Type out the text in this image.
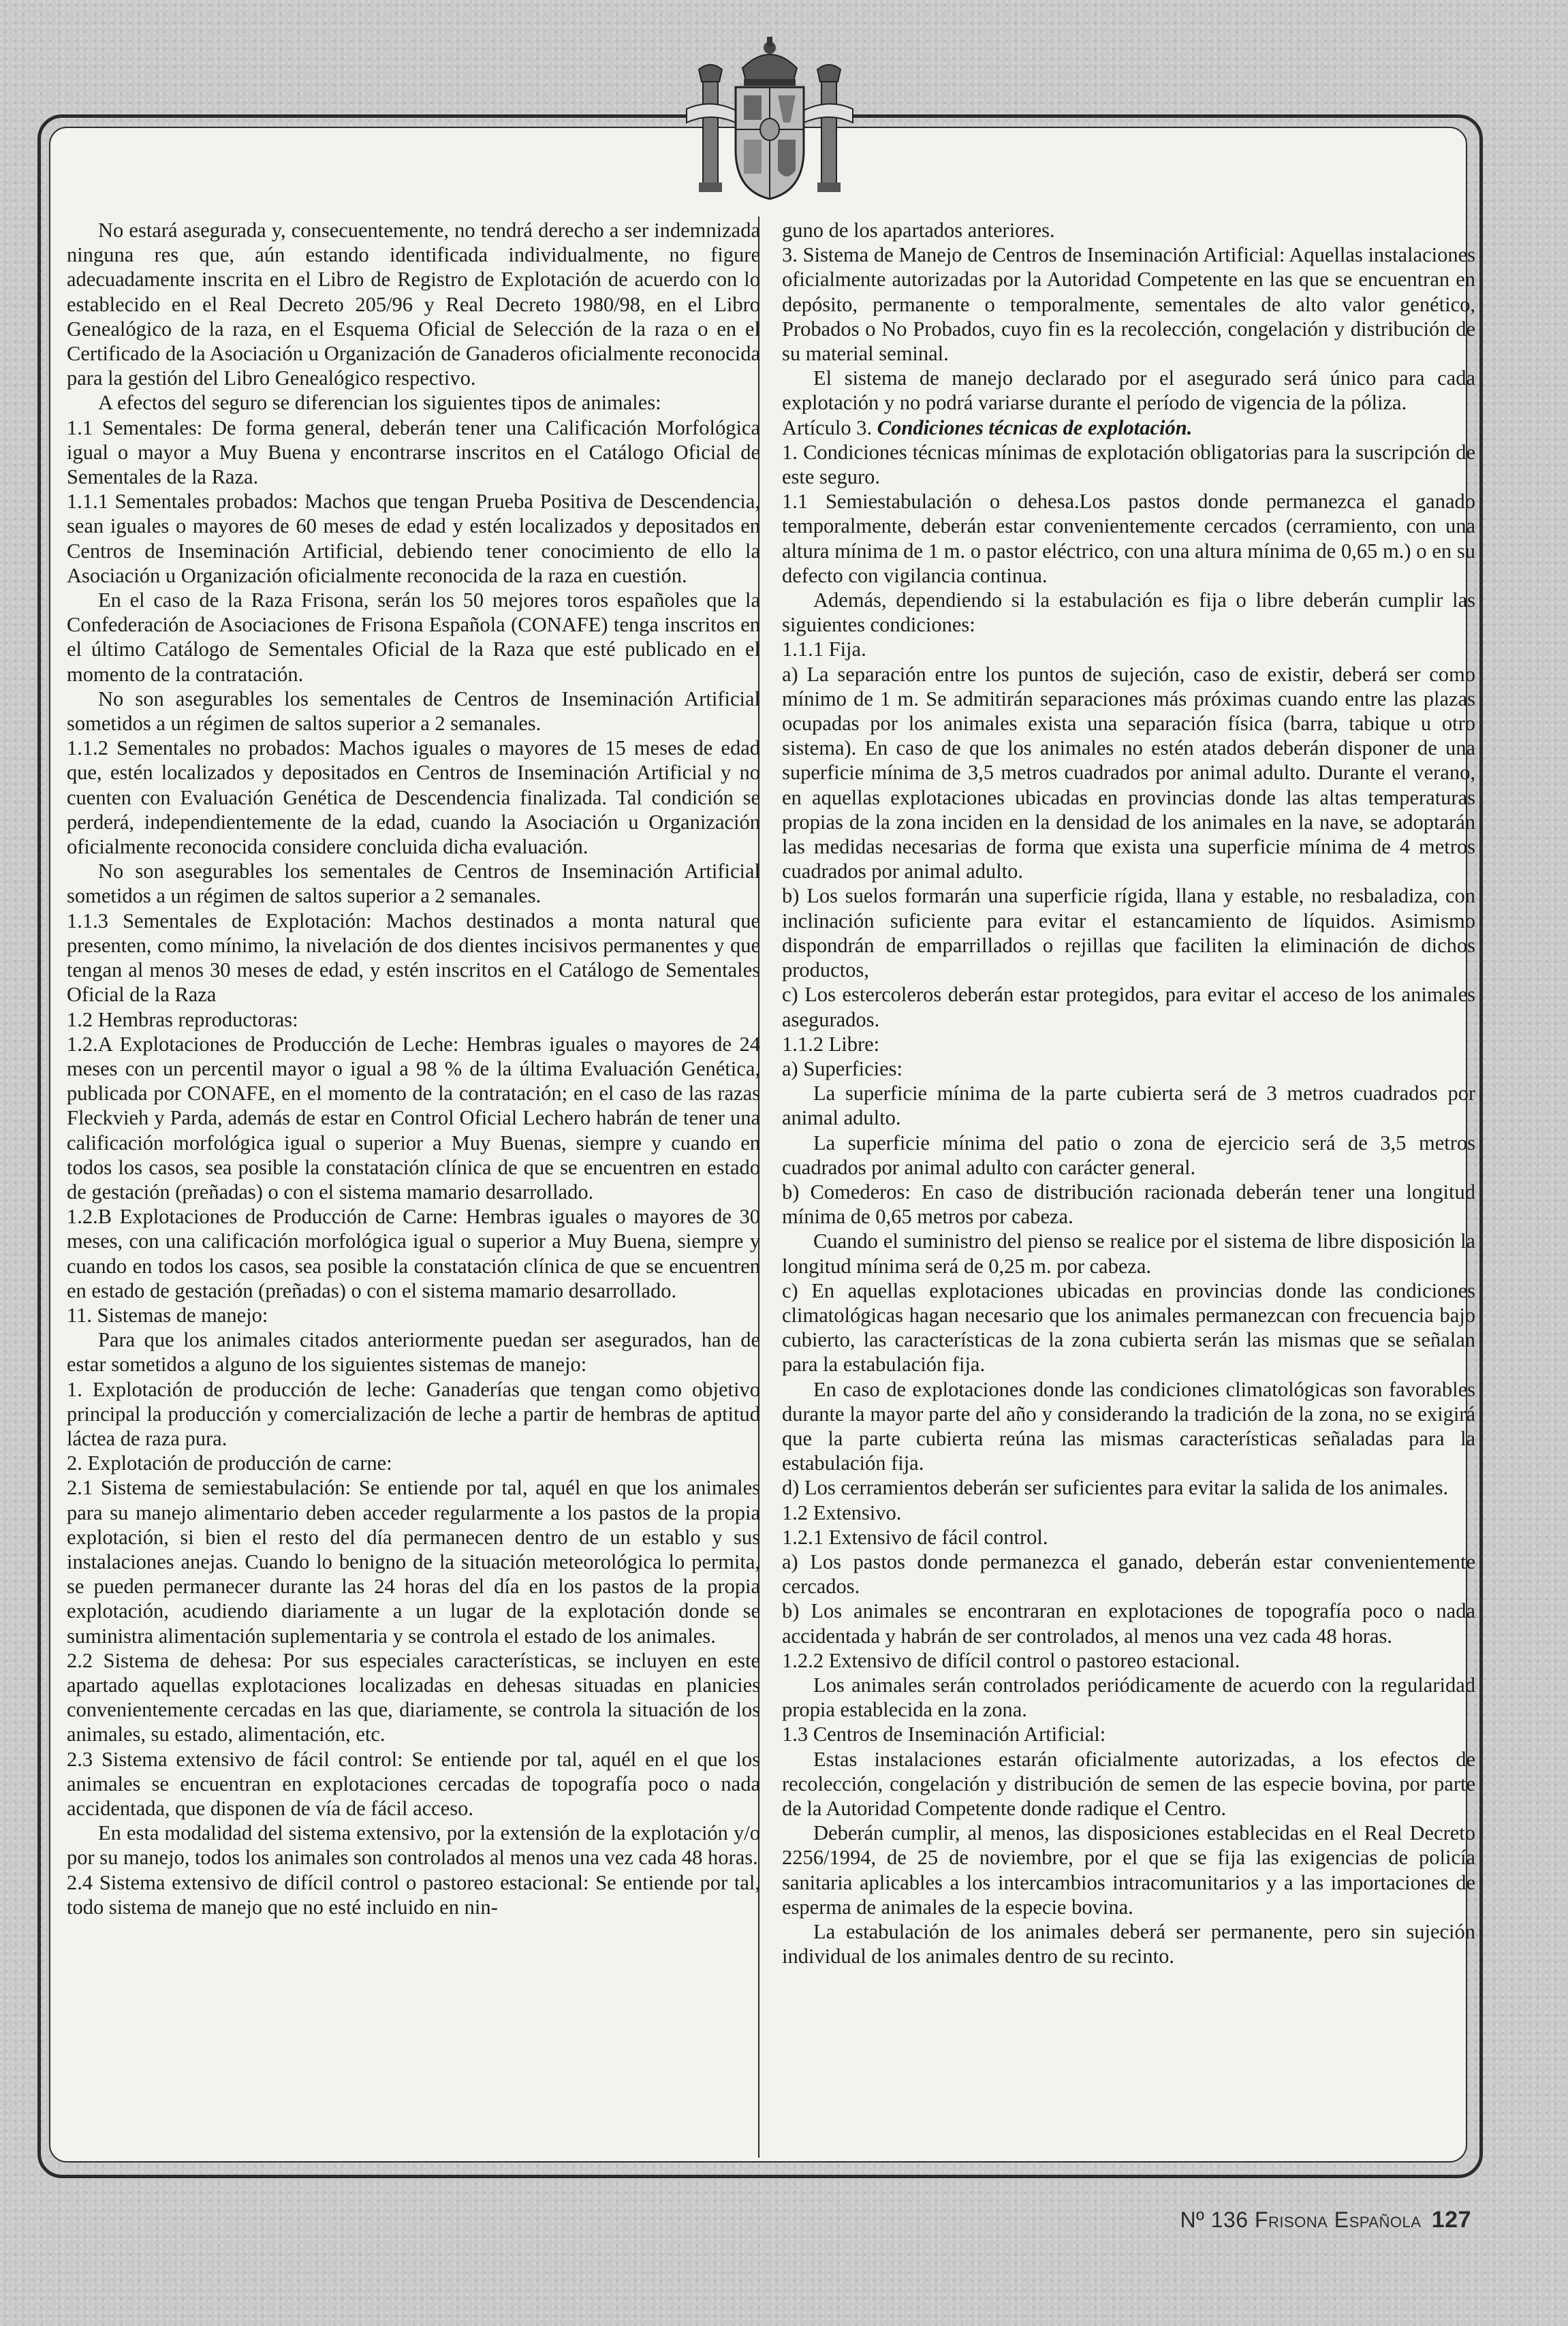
No estará asegurada y, consecuentemente, no tendrá derecho a ser indemnizada ninguna res que, aún estando identificada individualmente, no figure adecuadamente inscrita en el Libro de Registro de Explotación de acuerdo con lo establecido en el Real Decreto 205/96 y Real Decreto 1980/98, en el Libro Genealógico de la raza, en el Esquema Oficial de Selección de la raza o en el Certificado de la Asociación u Organización de Ganaderos oficialmente reconocida para la gestión del Libro Genealógico respectivo.

A efectos del seguro se diferencian los siguientes tipos de animales:

1.1 Sementales: De forma general, deberán tener una Calificación Morfológica igual o mayor a Muy Buena y encontrarse inscritos en el Catálogo Oficial de Sementales de la Raza.

1.1.1 Sementales probados: Machos que tengan Prueba Positiva de Descendencia, sean iguales o mayores de 60 meses de edad y estén localizados y depositados en Centros de Inseminación Artificial, debiendo tener conocimiento de ello la Asociación u Organización oficialmente reconocida de la raza en cuestión.

En el caso de la Raza Frisona, serán los 50 mejores toros españoles que la Confederación de Asociaciones de Frisona Española (CONAFE) tenga inscritos en el último Catálogo de Sementales Oficial de la Raza que esté publicado en el momento de la contratación.

No son asegurables los sementales de Centros de Inseminación Artificial sometidos a un régimen de saltos superior a 2 semanales.

1.1.2 Sementales no probados: Machos iguales o mayores de 15 meses de edad que, estén localizados y depositados en Centros de Inseminación Artificial y no cuenten con Evaluación Genética de Descendencia finalizada. Tal condición se perderá, independientemente de la edad, cuando la Asociación u Organización oficialmente reconocida considere concluida dicha evaluación.

No son asegurables los sementales de Centros de Inseminación Artificial sometidos a un régimen de saltos superior a 2 semanales.

1.1.3 Sementales de Explotación: Machos destinados a monta natural que presenten, como mínimo, la nivelación de dos dientes incisivos permanentes y que tengan al menos 30 meses de edad, y estén inscritos en el Catálogo de Sementales Oficial de la Raza

1.2 Hembras reproductoras:

1.2.A Explotaciones de Producción de Leche: Hembras iguales o mayores de 24 meses con un percentil mayor o igual a 98 % de la última Evaluación Genética, publicada por CONAFE, en el momento de la contratación; en el caso de las razas Fleckvieh y Parda, además de estar en Control Oficial Lechero habrán de tener una calificación morfológica igual o superior a Muy Buenas, siempre y cuando en todos los casos, sea posible la constatación clínica de que se encuentren en estado de gestación (preñadas) o con el sistema mamario desarrollado.

1.2.B Explotaciones de Producción de Carne: Hembras iguales o mayores de 30 meses, con una calificación morfológica igual o superior a Muy Buena, siempre y cuando en todos los casos, sea posible la constatación clínica de que se encuentren en estado de gestación (preñadas) o con el sistema mamario desarrollado.

11. Sistemas de manejo:

Para que los animales citados anteriormente puedan ser asegurados, han de estar sometidos a alguno de los siguientes sistemas de manejo:

1. Explotación de producción de leche: Ganaderías que tengan como objetivo principal la producción y comercialización de leche a partir de hembras de aptitud láctea de raza pura.

2. Explotación de producción de carne:

2.1 Sistema de semiestabulación: Se entiende por tal, aquél en que los animales para su manejo alimentario deben acceder regularmente a los pastos de la propia explotación, si bien el resto del día permanecen dentro de un establo y sus instalaciones anejas. Cuando lo benigno de la situación meteorológica lo permita, se pueden permanecer durante las 24 horas del día en los pastos de la propia explotación, acudiendo diariamente a un lugar de la explotación donde se suministra alimentación suplementaria y se controla el estado de los animales.

2.2 Sistema de dehesa: Por sus especiales características, se incluyen en este apartado aquellas explotaciones localizadas en dehesas situadas en planicies convenientemente cercadas en las que, diariamente, se controla la situación de los animales, su estado, alimentación, etc.

2.3 Sistema extensivo de fácil control: Se entiende por tal, aquél en el que los animales se encuentran en explotaciones cercadas de topografía poco o nada accidentada, que disponen de vía de fácil acceso.

En esta modalidad del sistema extensivo, por la extensión de la explotación y/o por su manejo, todos los animales son controlados al menos una vez cada 48 horas.

2.4 Sistema extensivo de difícil control o pastoreo estacional: Se entiende por tal, todo sistema de manejo que no esté incluido en nin-

guno de los apartados anteriores.

3. Sistema de Manejo de Centros de Inseminación Artificial: Aquellas instalaciones oficialmente autorizadas por la Autoridad Competente en las que se encuentran en depósito, permanente o temporalmente, sementales de alto valor genético, Probados o No Probados, cuyo fin es la recolección, congelación y distribución de su material seminal.

El sistema de manejo declarado por el asegurado será único para cada explotación y no podrá variarse durante el período de vigencia de la póliza.

Artículo 3. Condiciones técnicas de explotación.

1. Condiciones técnicas mínimas de explotación obligatorias para la suscripción de este seguro.

1.1 Semiestabulación o dehesa.Los pastos donde permanezca el ganado temporalmente, deberán estar convenientemente cercados (cerramiento, con una altura mínima de 1 m. o pastor eléctrico, con una altura mínima de 0,65 m.) o en su defecto con vigilancia continua.

Además, dependiendo si la estabulación es fija o libre deberán cumplir las siguientes condiciones:

1.1.1 Fija.

a) La separación entre los puntos de sujeción, caso de existir, deberá ser como mínimo de 1 m. Se admitirán separaciones más próximas cuando entre las plazas ocupadas por los animales exista una separación física (barra, tabique u otro sistema). En caso de que los animales no estén atados deberán disponer de una superficie mínima de 3,5 metros cuadrados por animal adulto. Durante el verano, en aquellas explotaciones ubicadas en provincias donde las altas temperaturas propias de la zona inciden en la densidad de los animales en la nave, se adoptarán las medidas necesarias de forma que exista una superficie mínima de 4 metros cuadrados por animal adulto.

b) Los suelos formarán una superficie rígida, llana y estable, no resbaladiza, con inclinación suficiente para evitar el estancamiento de líquidos. Asimismo dispondrán de emparrillados o rejillas que faciliten la eliminación de dichos productos,

c) Los estercoleros deberán estar protegidos, para evitar el acceso de los animales asegurados.

1.1.2 Libre:

a) Superficies:

La superficie mínima de la parte cubierta será de 3 metros cuadrados por animal adulto.

La superficie mínima del patio o zona de ejercicio será de 3,5 metros cuadrados por animal adulto con carácter general.

b) Comederos: En caso de distribución racionada deberán tener una longitud mínima de 0,65 metros por cabeza.

Cuando el suministro del pienso se realice por el sistema de libre disposición la longitud mínima será de 0,25 m. por cabeza.

c) En aquellas explotaciones ubicadas en provincias donde las condiciones climatológicas hagan necesario que los animales permanezcan con frecuencia bajo cubierto, las características de la zona cubierta serán las mismas que se señalan para la estabulación fija.

En caso de explotaciones donde las condiciones climatológicas son favorables durante la mayor parte del año y considerando la tradición de la zona, no se exigirá que la parte cubierta reúna las mismas características señaladas para la estabulación fija.

d) Los cerramientos deberán ser suficientes para evitar la salida de los animales.

1.2 Extensivo.

1.2.1 Extensivo de fácil control.

a) Los pastos donde permanezca el ganado, deberán estar convenientemente cercados.

b) Los animales se encontraran en explotaciones de topografía poco o nada accidentada y habrán de ser controlados, al menos una vez cada 48 horas.

1.2.2 Extensivo de difícil control o pastoreo estacional.

Los animales serán controlados periódicamente de acuerdo con la regularidad propia establecida en la zona.

1.3 Centros de Inseminación Artificial:

Estas instalaciones estarán oficialmente autorizadas, a los efectos de recolección, congelación y distribución de semen de las especie bovina, por parte de la Autoridad Competente donde radique el Centro.

Deberán cumplir, al menos, las disposiciones establecidas en el Real Decreto 2256/1994, de 25 de noviembre, por el que se fija las exigencias de policía sanitaria aplicables a los intercambios intracomunitarios y a las importaciones de esperma de animales de la especie bovina.

La estabulación de los animales deberá ser permanente, pero sin sujeción individual de los animales dentro de su recinto.

Nº 136 Frisona Española 127
